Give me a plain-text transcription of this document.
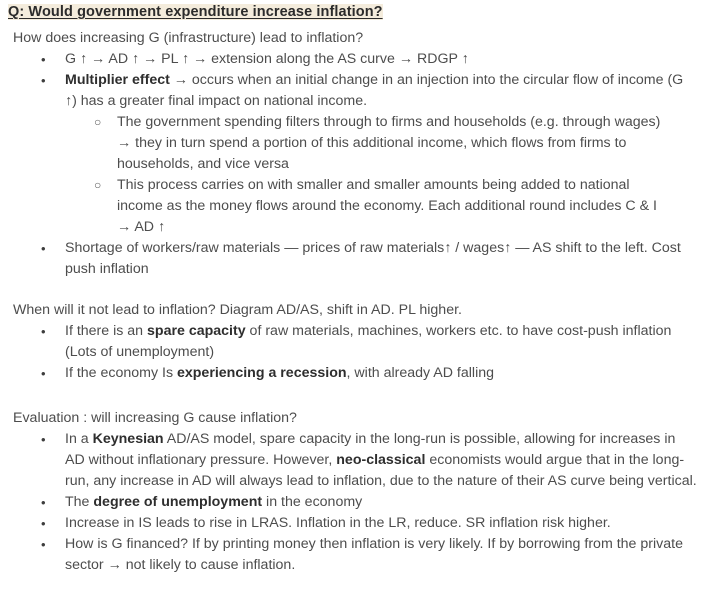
Q: Would government expenditure increase inflation?

How does increasing G (infrastructure) lead to inflation?

•	G ↑ → AD ↑ → PL ↑ → extension along the AS curve → RDGP ↑
•	Multiplier effect → occurs when an initial change in an injection into the circular flow of income (G ↑) has a greater final impact on national income.
○ The government spending filters through to firms and households (e.g. through wages) → they in turn spend a portion of this additional income, which flows from firms to households, and vice versa
○ This process carries on with smaller and smaller amounts being added to national income as the money flows around the economy. Each additional round includes C & I → AD ↑
•	Shortage of workers/raw materials — prices of raw materials↑ / wages↑ — AS shift to the left. Cost push inflation

When will it not lead to inflation? Diagram AD/AS, shift in AD. PL higher.

•	If there is an spare capacity of raw materials, machines, workers etc. to have cost-push inflation (Lots of unemployment)
•	If the economy Is experiencing a recession, with already AD falling

Evaluation : will increasing G cause inflation?

•	In a Keynesian AD/AS model, spare capacity in the long-run is possible, allowing for increases in AD without inflationary pressure. However, neo-classical economists would argue that in the long-run, any increase in AD will always lead to inflation, due to the nature of their AS curve being vertical.
•	The degree of unemployment in the economy
•	Increase in IS leads to rise in LRAS. Inflation in the LR, reduce. SR inflation risk higher.
•	How is G financed? If by printing money then inflation is very likely. If by borrowing from the private sector → not likely to cause inflation.
